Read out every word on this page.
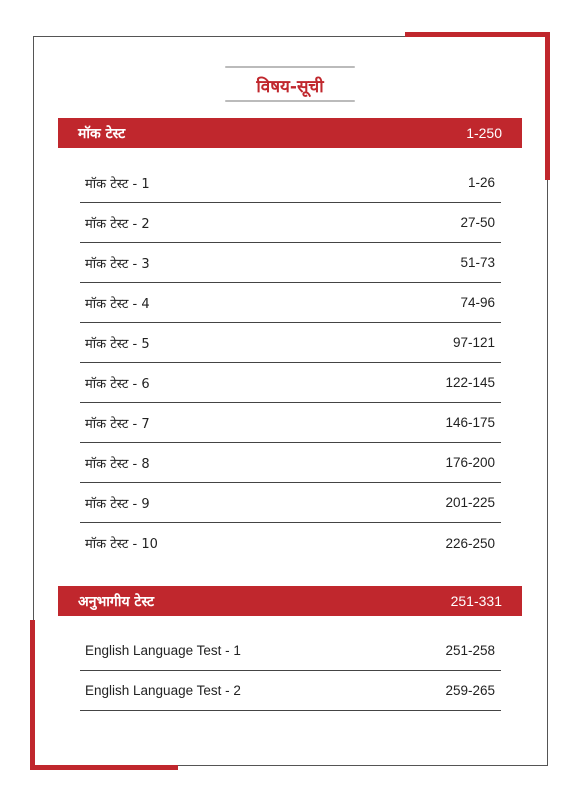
विषय-सूची
मॉक टेस्ट	1-250
मॉक टेस्ट - 1	1-26
मॉक टेस्ट - 2	27-50
मॉक टेस्ट - 3	51-73
मॉक टेस्ट - 4	74-96
मॉक टेस्ट - 5	97-121
मॉक टेस्ट - 6	122-145
मॉक टेस्ट - 7	146-175
मॉक टेस्ट - 8	176-200
मॉक टेस्ट - 9	201-225
मॉक टेस्ट - 10	226-250
अनुभागीय टेस्ट	251-331
English Language Test - 1	251-258
English Language Test - 2	259-265
